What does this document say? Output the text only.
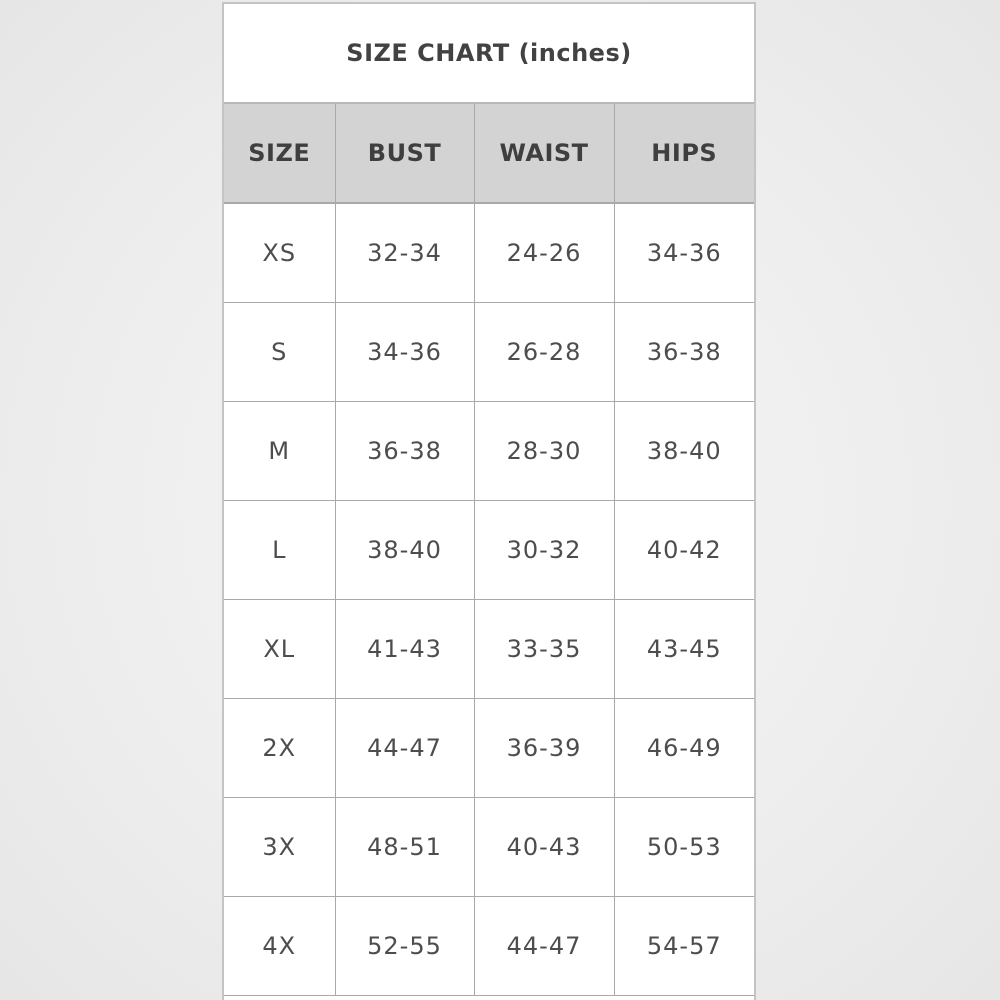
SIZE CHART (inches)
SIZE	BUST	WAIST	HIPS
XS	32-34	24-26	34-36
S	34-36	26-28	36-38
M	36-38	28-30	38-40
L	38-40	30-32	40-42
XL	41-43	33-35	43-45
2X	44-47	36-39	46-49
3X	48-51	40-43	50-53
4X	52-55	44-47	54-57
